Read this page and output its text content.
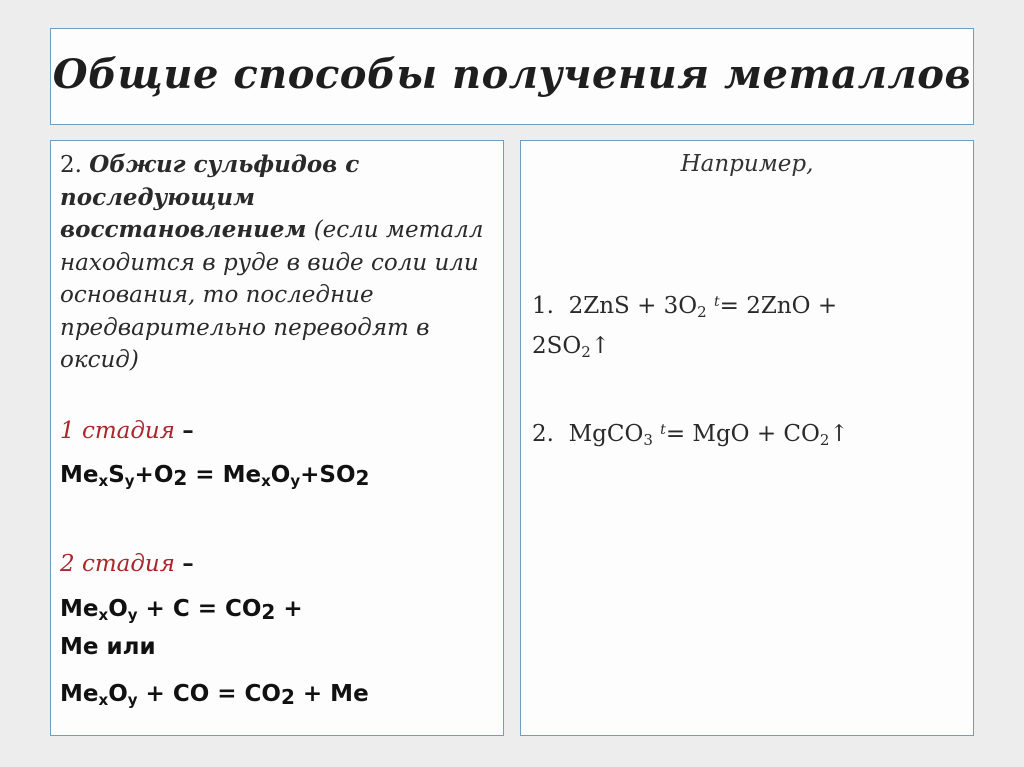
Общие способы получения металлов
2. Обжиг сульфидов с последующим восстановлением (если металл находится в руде в виде соли или основания, то последние предварительно переводят в оксид)
1 стадия –
$Me_xS_y+O_2 = Me_xO_y+SO_2$
2 стадия –
$Me_xO_y + C = CO_2$ +
Me или
$Me_xO_y$ + CO = $CO_2 + Me$
Например,
1. $2ZnS + 3O_2$ $^t$= 2ZnO +
$2SO_2↑$
2. MgCO$_3$ $^t$= MgO + $CO_2↑$
